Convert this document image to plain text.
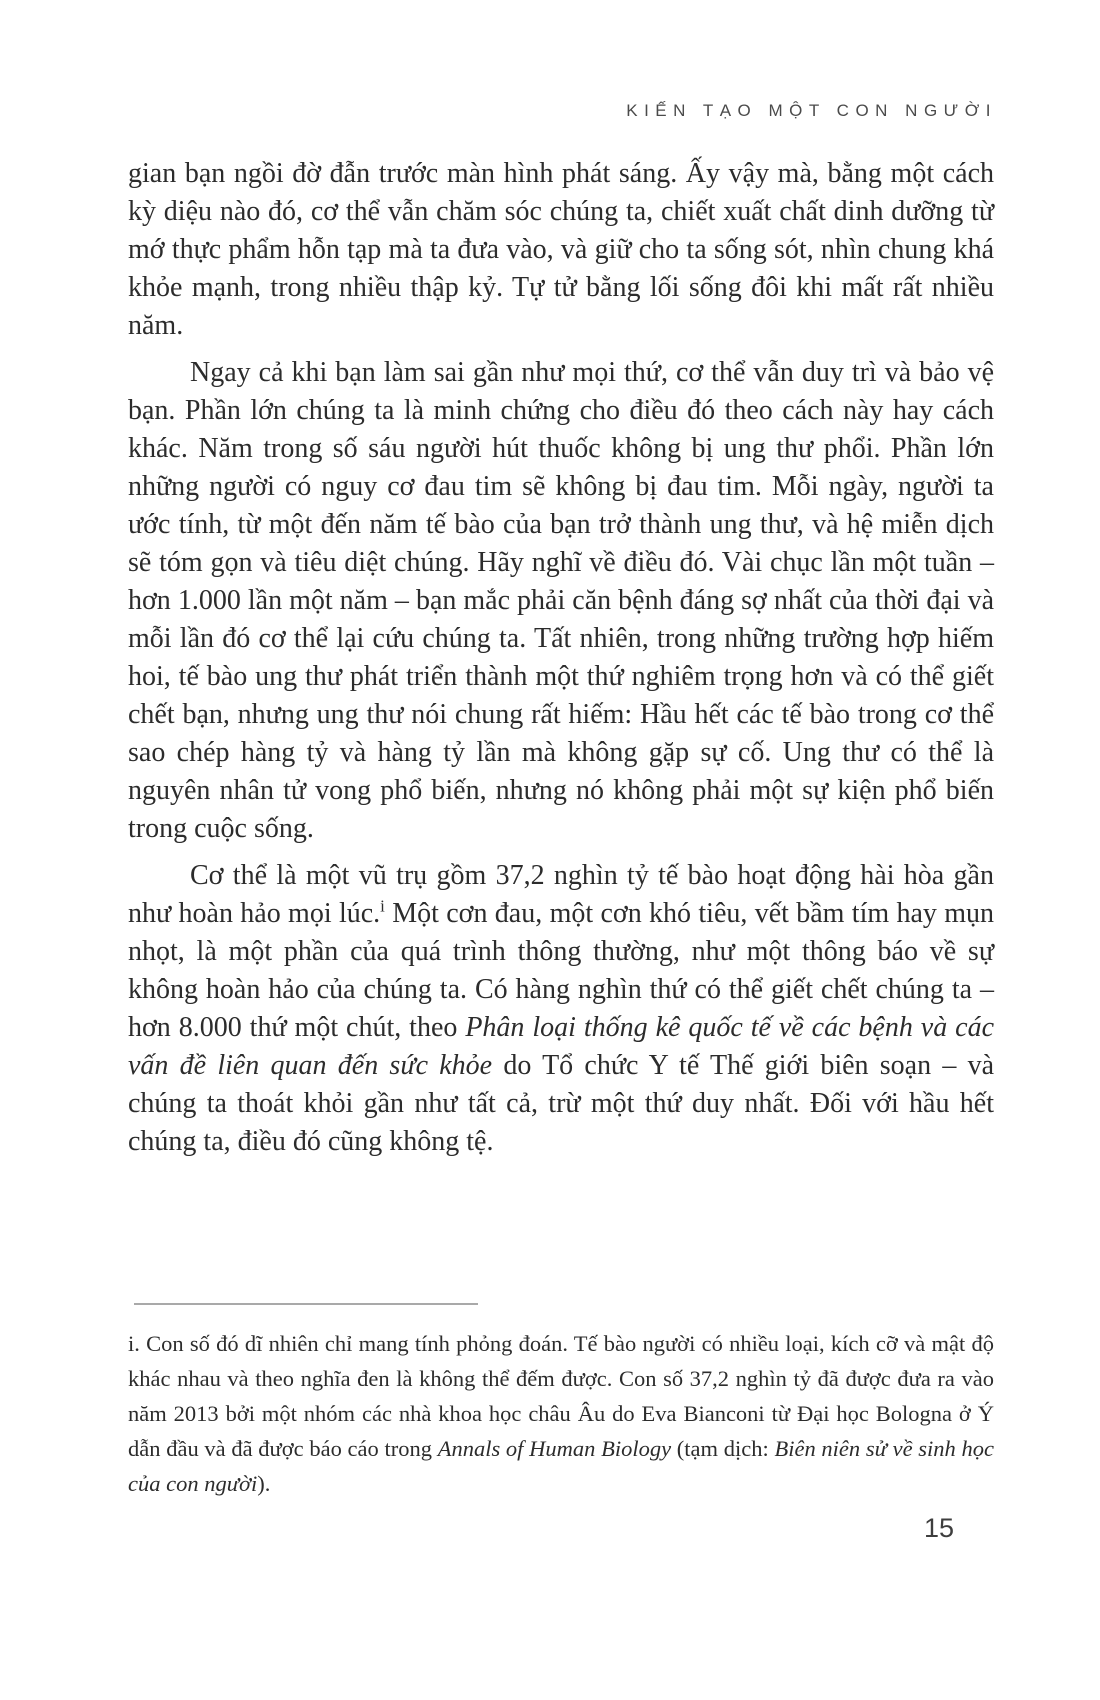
KIẾN TẠO MỘT CON NGƯỜI

gian bạn ngồi đờ đẫn trước màn hình phát sáng. Ấy vậy mà, bằng một cách kỳ diệu nào đó, cơ thể vẫn chăm sóc chúng ta, chiết xuất chất dinh dưỡng từ mớ thực phẩm hỗn tạp mà ta đưa vào, và giữ cho ta sống sót, nhìn chung khá khỏe mạnh, trong nhiều thập kỷ. Tự tử bằng lối sống đôi khi mất rất nhiều năm.

Ngay cả khi bạn làm sai gần như mọi thứ, cơ thể vẫn duy trì và bảo vệ bạn. Phần lớn chúng ta là minh chứng cho điều đó theo cách này hay cách khác. Năm trong số sáu người hút thuốc không bị ung thư phổi. Phần lớn những người có nguy cơ đau tim sẽ không bị đau tim. Mỗi ngày, người ta ước tính, từ một đến năm tế bào của bạn trở thành ung thư, và hệ miễn dịch sẽ tóm gọn và tiêu diệt chúng. Hãy nghĩ về điều đó. Vài chục lần một tuần – hơn 1.000 lần một năm – bạn mắc phải căn bệnh đáng sợ nhất của thời đại và mỗi lần đó cơ thể lại cứu chúng ta. Tất nhiên, trong những trường hợp hiếm hoi, tế bào ung thư phát triển thành một thứ nghiêm trọng hơn và có thể giết chết bạn, nhưng ung thư nói chung rất hiếm: Hầu hết các tế bào trong cơ thể sao chép hàng tỷ và hàng tỷ lần mà không gặp sự cố. Ung thư có thể là nguyên nhân tử vong phổ biến, nhưng nó không phải một sự kiện phổ biến trong cuộc sống.

Cơ thể là một vũ trụ gồm 37,2 nghìn tỷ tế bào hoạt động hài hòa gần như hoàn hảo mọi lúc.$^i$ Một cơn đau, một cơn khó tiêu, vết bầm tím hay mụn nhọt, là một phần của quá trình thông thường, như một thông báo về sự không hoàn hảo của chúng ta. Có hàng nghìn thứ có thể giết chết chúng ta – hơn 8.000 thứ một chút, theo Phân loại thống kê quốc tế về các bệnh và các vấn đề liên quan đến sức khỏe do Tổ chức Y tế Thế giới biên soạn – và chúng ta thoát khỏi gần như tất cả, trừ một thứ duy nhất. Đối với hầu hết chúng ta, điều đó cũng không tệ.

i. Con số đó dĩ nhiên chỉ mang tính phỏng đoán. Tế bào người có nhiều loại, kích cỡ và mật độ khác nhau và theo nghĩa đen là không thể đếm được. Con số 37,2 nghìn tỷ đã được đưa ra vào năm 2013 bởi một nhóm các nhà khoa học châu Âu do Eva Bianconi từ Đại học Bologna ở Ý dẫn đầu và đã được báo cáo trong Annals of Human Biology (tạm dịch: Biên niên sử về sinh học của con người).

15
